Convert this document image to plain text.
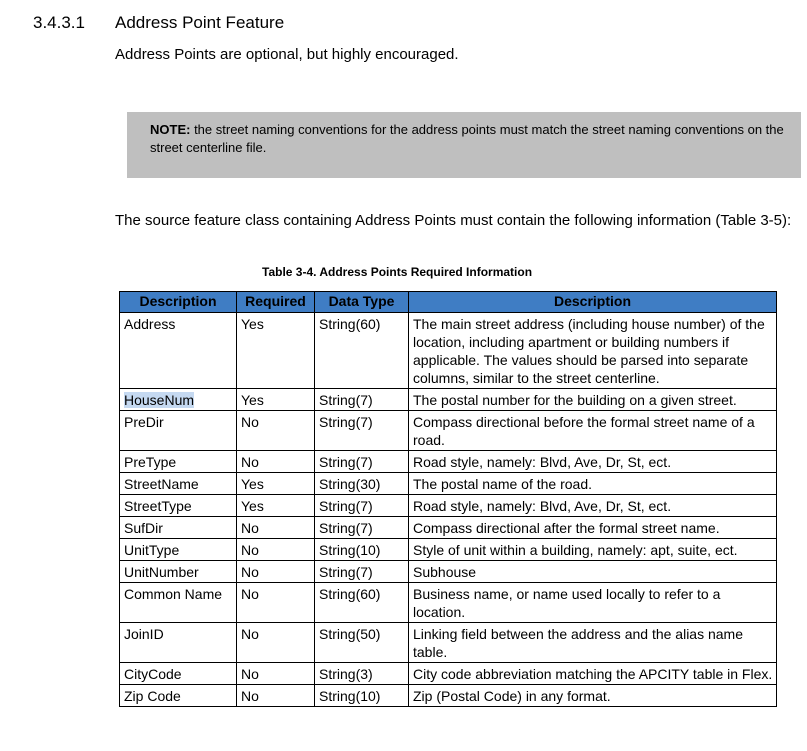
3.4.3.1 Address Point Feature
Address Points are optional, but highly encouraged.
NOTE: the street naming conventions for the address points must match the street naming conventions on the street centerline file.
The source feature class containing Address Points must contain the following information (Table 3-5):
Table 3-4. Address Points Required Information
Description	Required	Data Type	Description
Address	Yes	String(60)	The main street address (including house number) of the location, including apartment or building numbers if applicable. The values should be parsed into separate columns, similar to the street centerline.
HouseNum	Yes	String(7)	The postal number for the building on a given street.
PreDir	No	String(7)	Compass directional before the formal street name of a road.
PreType	No	String(7)	Road style, namely: Blvd, Ave, Dr, St, ect.
StreetName	Yes	String(30)	The postal name of the road.
StreetType	Yes	String(7)	Road style, namely: Blvd, Ave, Dr, St, ect.
SufDir	No	String(7)	Compass directional after the formal street name.
UnitType	No	String(10)	Style of unit within a building, namely: apt, suite, ect.
UnitNumber	No	String(7)	Subhouse
Common Name	No	String(60)	Business name, or name used locally to refer to a location.
JoinID	No	String(50)	Linking field between the address and the alias name table.
CityCode	No	String(3)	City code abbreviation matching the APCITY table in Flex.
Zip Code	No	String(10)	Zip (Postal Code) in any format.
